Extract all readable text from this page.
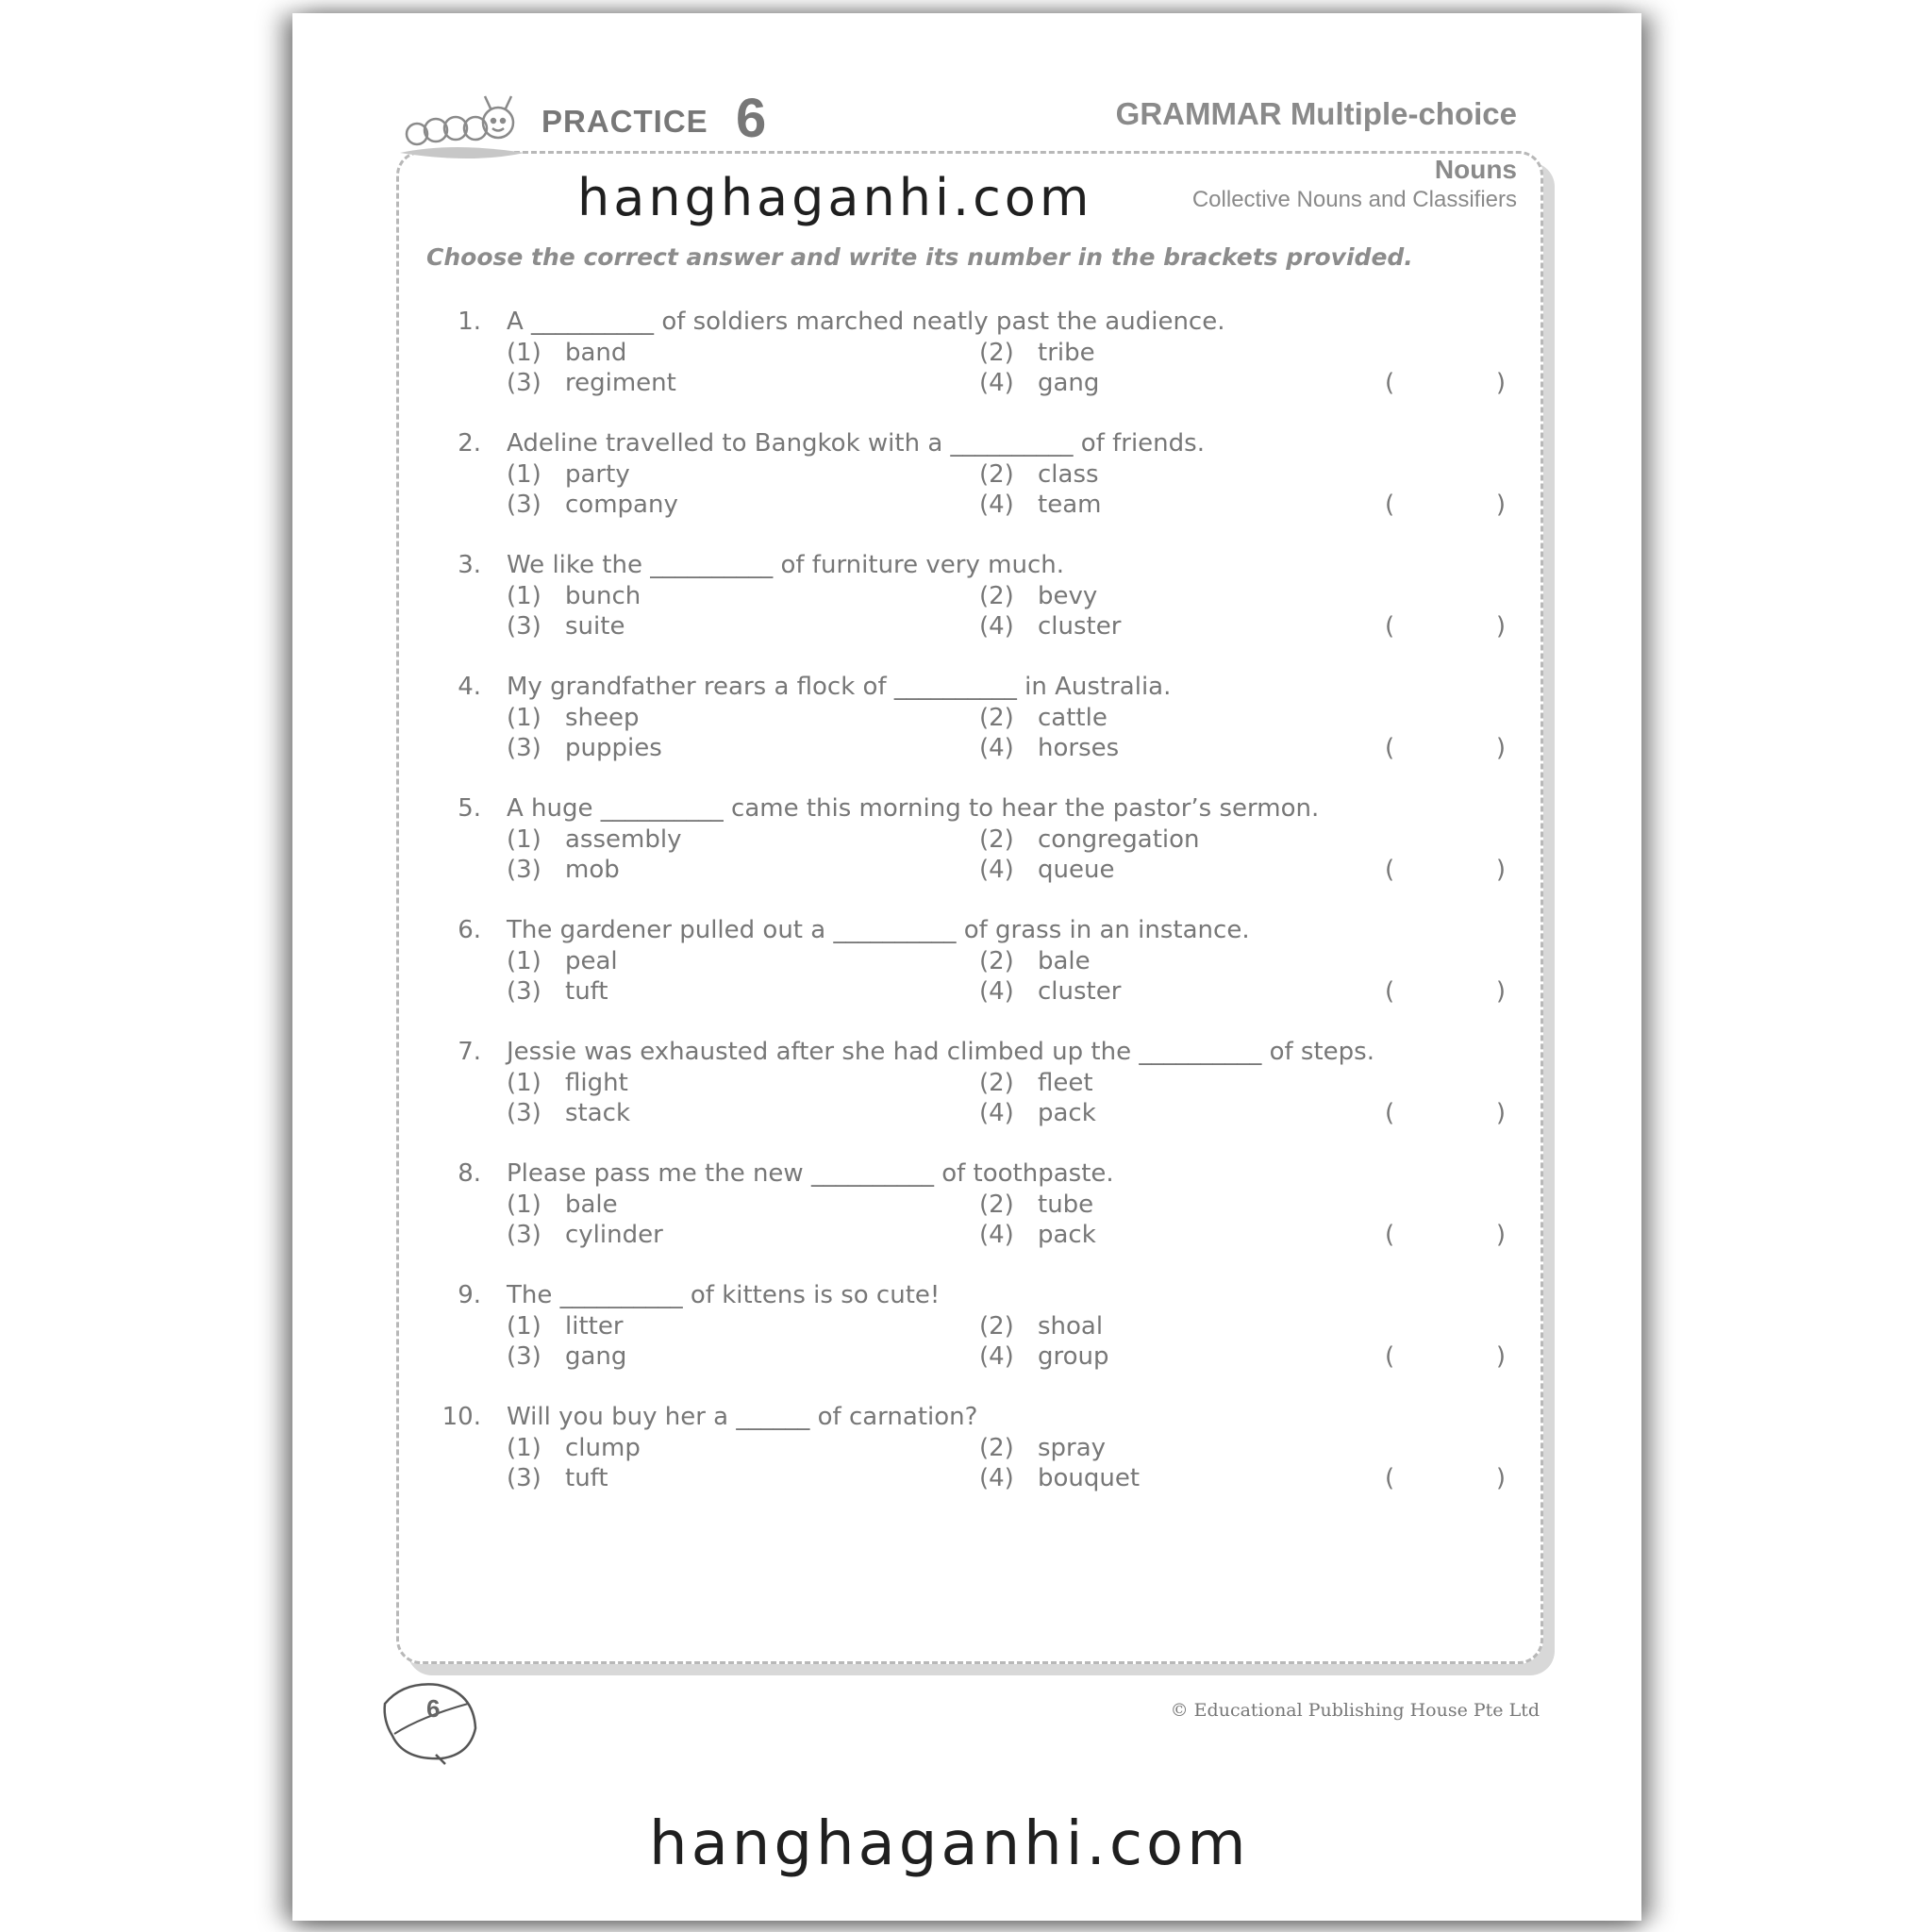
PRACTICE 6	GRAMMAR Multiple-choice
Nouns
Collective Nouns and Classifiers
hanghaganhi.com
Choose the correct answer and write its number in the brackets provided.
1. A __________ of soldiers marched neatly past the audience.
(1) band	(2) tribe
(3) regiment	(4) gang	(	)
2. Adeline travelled to Bangkok with a __________ of friends.
(1) party	(2) class
(3) company	(4) team	(	)
3. We like the __________ of furniture very much.
(1) bunch	(2) bevy
(3) suite	(4) cluster	(	)
4. My grandfather rears a flock of __________ in Australia.
(1) sheep	(2) cattle
(3) puppies	(4) horses	(	)
5. A huge __________ came this morning to hear the pastor’s sermon.
(1) assembly	(2) congregation
(3) mob	(4) queue	(	)
6. The gardener pulled out a __________ of grass in an instance.
(1) peal	(2) bale
(3) tuft	(4) cluster	(	)
7. Jessie was exhausted after she had climbed up the __________ of steps.
(1) flight	(2) fleet
(3) stack	(4) pack	(	)
8. Please pass me the new __________ of toothpaste.
(1) bale	(2) tube
(3) cylinder	(4) pack	(	)
9. The __________ of kittens is so cute!
(1) litter	(2) shoal
(3) gang	(4) group	(	)
10. Will you buy her a ______ of carnation?
(1) clump	(2) spray
(3) tuft	(4) bouquet	(	)
6	© Educational Publishing House Pte Ltd
hanghaganhi.com
